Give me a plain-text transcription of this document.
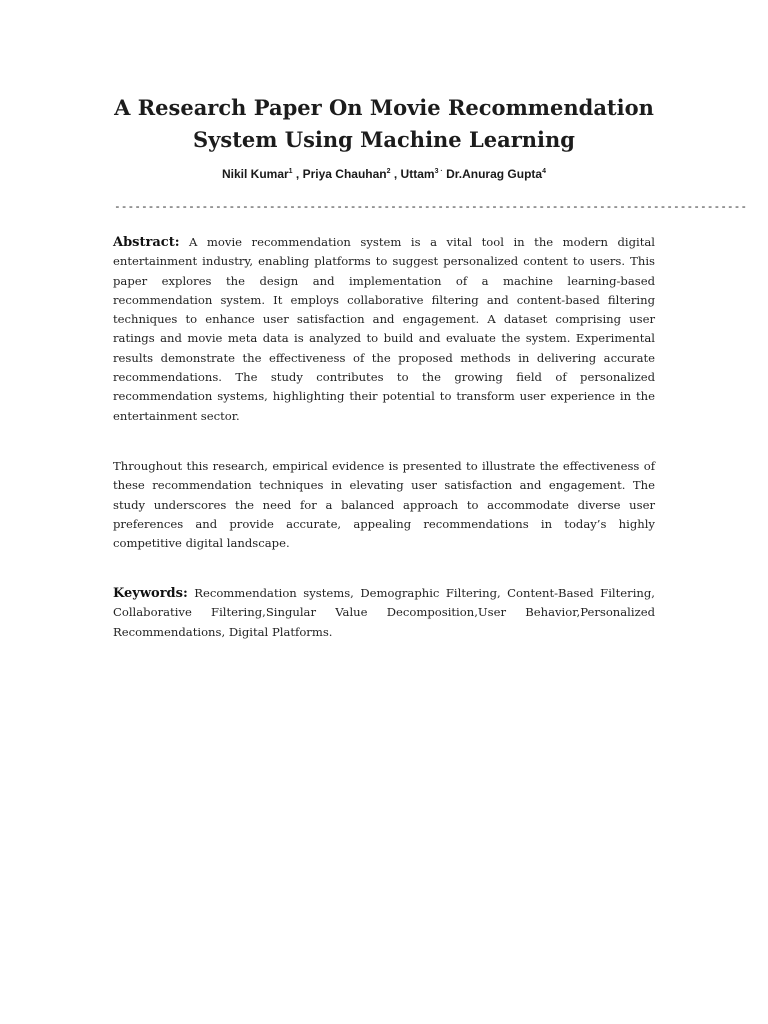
A Research Paper On Movie Recommendation
System Using Machine Learning
Nikil Kumar$^1$ , Priya Chauhan$^2$ , Uttam$^{3 \cdot}$ Dr.Anurag Gupta$^4$
----------------------------------------------------------------------------------------------

Abstract: A movie recommendation system is a vital tool in the modern digital entertainment industry, enabling platforms to suggest personalized content to users. This paper explores the design and implementation of a machine learning-based recommendation system. It employs collaborative filtering and content-based filtering techniques to enhance user satisfaction and engagement. A dataset comprising user ratings and movie meta data is analyzed to build and evaluate the system. Experimental results demonstrate the effectiveness of the proposed methods in delivering accurate recommendations. The study contributes to the growing field of personalized recommendation systems, highlighting their potential to transform user experience in the entertainment sector.

Throughout this research, empirical evidence is presented to illustrate the effectiveness of these recommendation techniques in elevating user satisfaction and engagement. The study underscores the need for a balanced approach to accommodate diverse user preferences and provide accurate, appealing recommendations in today’s highly competitive digital landscape.

Keywords: Recommendation systems, Demographic Filtering, Content-Based Filtering, Collaborative Filtering,Singular Value Decomposition,User Behavior,Personalized Recommendations, Digital Platforms.
